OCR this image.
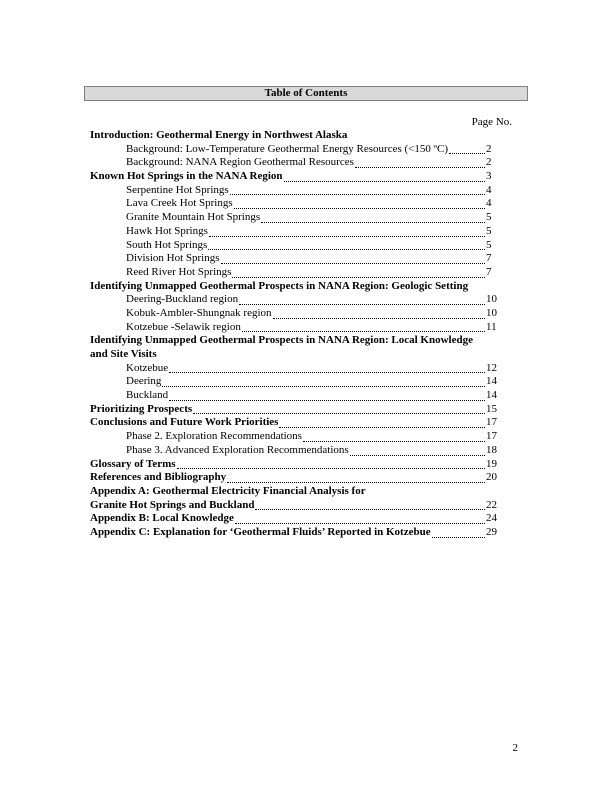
Table of Contents
Page No.
Introduction: Geothermal Energy in Northwest Alaska
Background: Low-Temperature Geothermal Energy Resources (<150 ºC)	2
Background: NANA Region Geothermal Resources	2
Known Hot Springs in the NANA Region	3
Serpentine Hot Springs	4
Lava Creek Hot Springs	4
Granite Mountain Hot Springs	5
Hawk Hot Springs	5
South Hot Springs	5
Division Hot Springs	7
Reed River Hot Springs	7
Identifying Unmapped Geothermal Prospects in NANA Region: Geologic Setting
Deering-Buckland region	10
Kobuk-Ambler-Shungnak region	10
Kotzebue -Selawik region	11
Identifying Unmapped Geothermal Prospects in NANA Region: Local Knowledge
and Site Visits
Kotzebue	12
Deering	14
Buckland	14
Prioritizing Prospects	15
Conclusions and Future Work Priorities	17
Phase 2. Exploration Recommendations	17
Phase 3. Advanced Exploration Recommendations	18
Glossary of Terms	19
References and Bibliography	20
Appendix A: Geothermal Electricity Financial Analysis for
Granite Hot Springs and Buckland	22
Appendix B: Local Knowledge	24
Appendix C: Explanation for ‘Geothermal Fluids’ Reported in Kotzebue	29
2
